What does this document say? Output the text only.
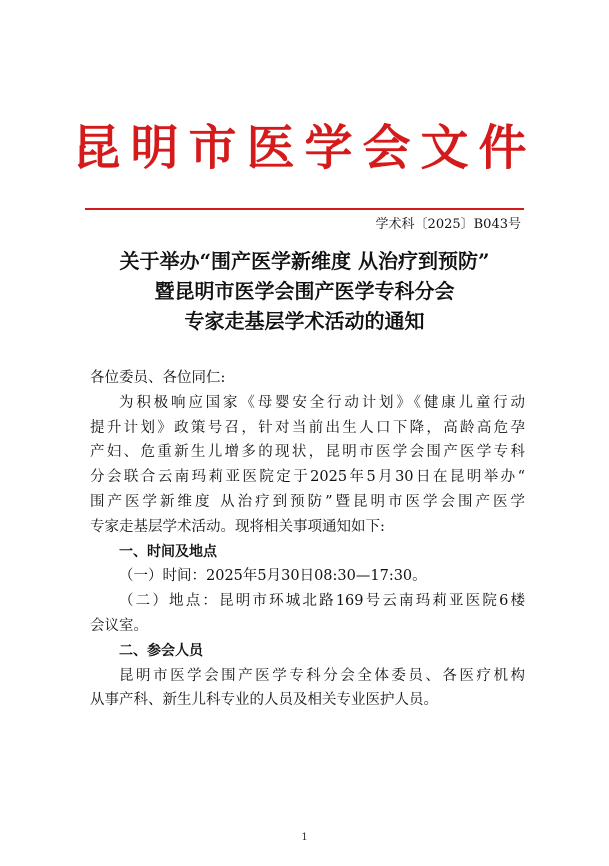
昆明市医学会文件
学术科〔2025〕B043号
关于举办“围产医学新维度 从治疗到预防”
暨昆明市医学会围产医学专科分会
专家走基层学术活动的通知
各位委员、各位同仁:
为积极响应国家《母婴安全行动计划》《健康儿童行动
提升计划》政策号召，针对当前出生人口下降，高龄高危孕
产妇、危重新生儿增多的现状，昆明市医学会围产医学专科
分会联合云南玛莉亚医院定于2025年5月30日在昆明举办“
围产医学新维度 从治疗到预防”暨昆明市医学会围产医学
专家走基层学术活动。现将相关事项通知如下:
一、时间及地点
（一）时间：2025年5月30日08:30—17:30。
（二）地点：昆明市环城北路169号云南玛莉亚医院6楼
会议室。
二、参会人员
昆明市医学会围产医学专科分会全体委员、各医疗机构
从事产科、新生儿科专业的人员及相关专业医护人员。
1
